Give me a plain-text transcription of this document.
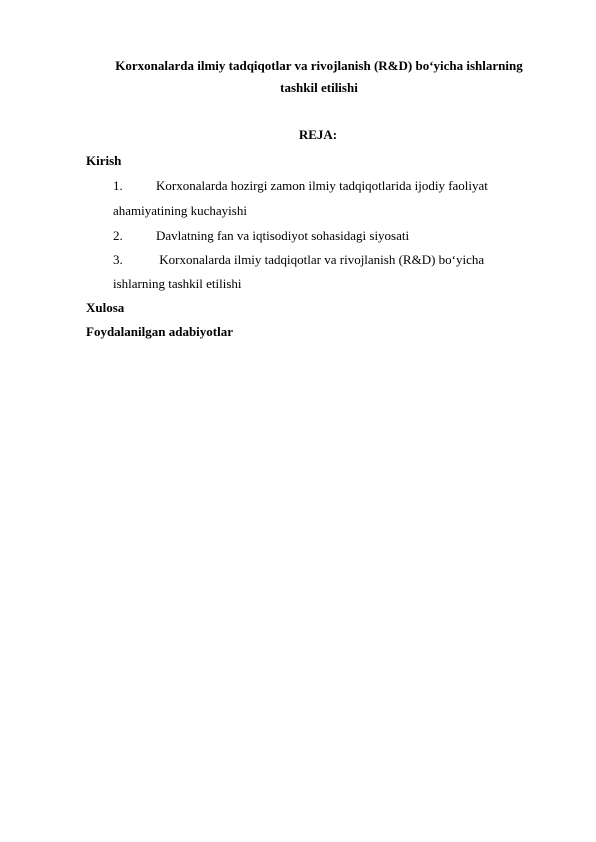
Korxonalarda ilmiy tadqiqotlar va rivojlanish (R&D) bo‘yicha ishlarning
tashkil etilishi
REJA:
Kirish
1.	Korxonalarda hozirgi zamon ilmiy tadqiqotlarida ijodiy faoliyat
ahamiyatining kuchayishi
2.	Davlatning fan va iqtisodiyot sohasidagi siyosati
3.	Korxonalarda ilmiy tadqiqotlar va rivojlanish (R&D) bo‘yicha
ishlarning tashkil etilishi
Xulosa
Foydalanilgan adabiyotlar
